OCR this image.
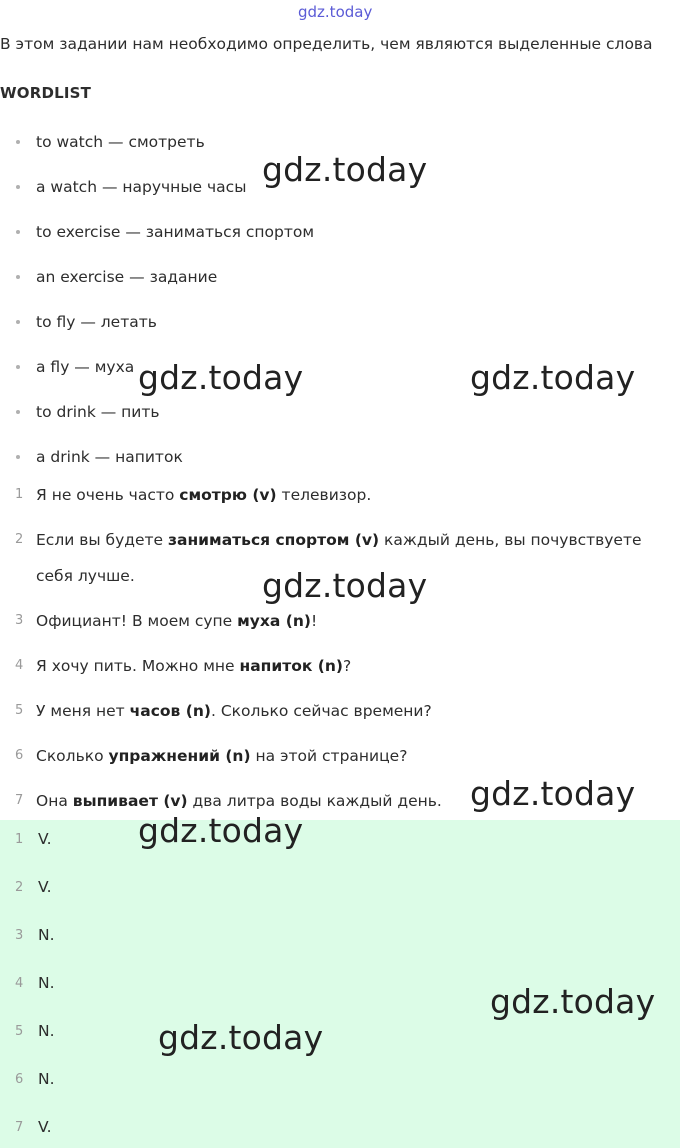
gdz.today
В этом задании нам необходимо определить, чем являются выделенные слова
WORDLIST
to watch — смотреть
a watch — наручные часы
to exercise — заниматься спортом
an exercise — задание
to fly — летать
a fly — муха
to drink — пить
a drink — напиток
1 Я не очень часто смотрю (v) телевизор.
2 Если вы будете заниматься спортом (v) каждый день, вы почувствуете себя лучше.
3 Официант! В моем супе муха (n)!
4 Я хочу пить. Можно мне напиток (n)?
5 У меня нет часов (n). Сколько сейчас времени?
6 Сколько упражнений (n) на этой странице?
7 Она выпивает (v) два литра воды каждый день.
1 V.
2 V.
3 N.
4 N.
5 N.
6 N.
7 V.
gdz.today
gdz.today	gdz.today
gdz.today
gdz.today
gdz.today
gdz.today
gdz.today
